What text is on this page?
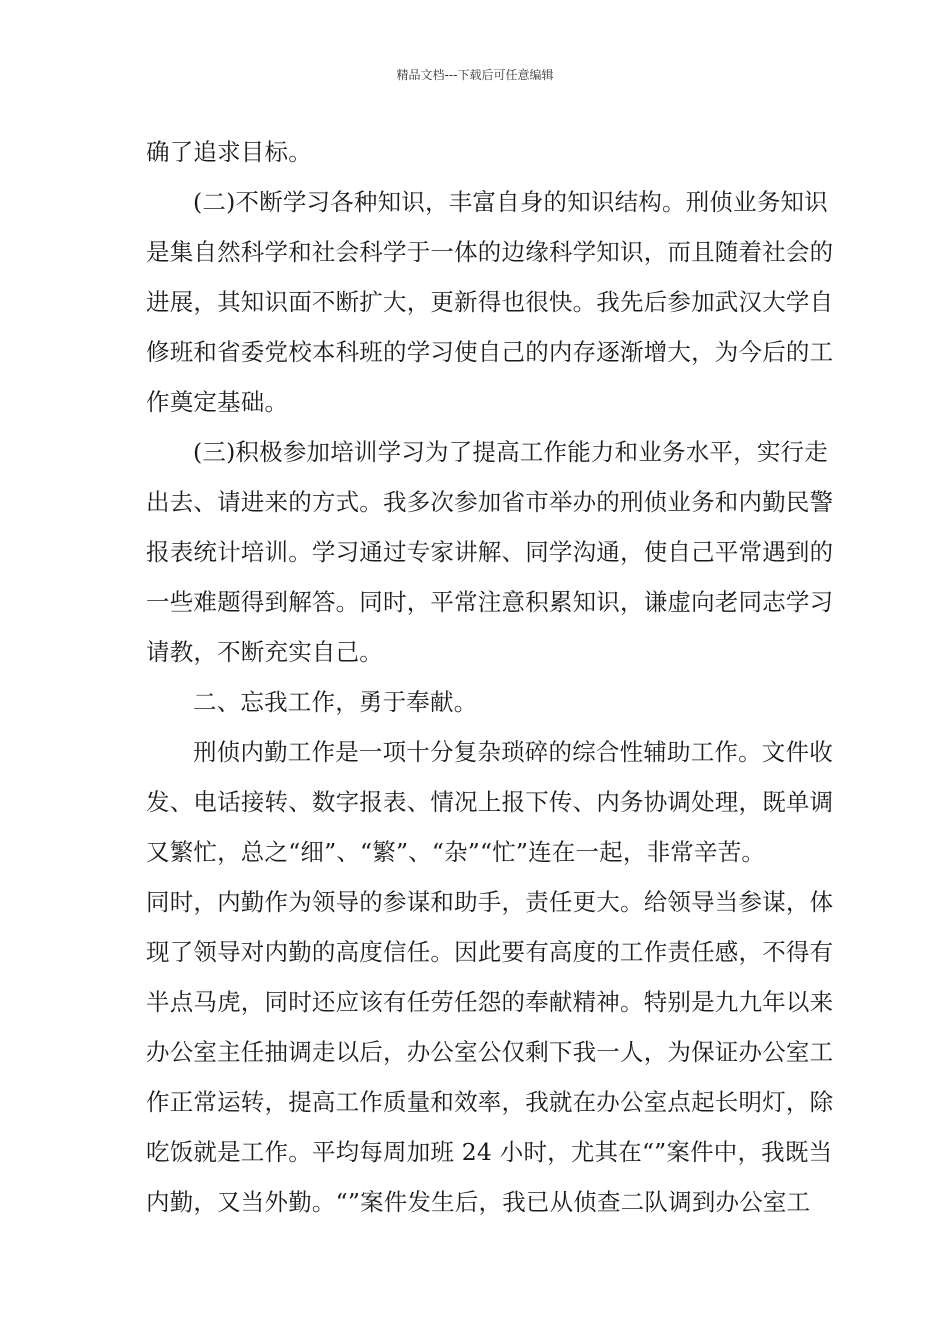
精品文档---下载后可任意编辑
确了追求目标。
(二)不断学习各种知识，丰富自身的知识结构。刑侦业务知识
是集自然科学和社会科学于一体的边缘科学知识，而且随着社会的
进展，其知识面不断扩大，更新得也很快。我先后参加武汉大学自
修班和省委党校本科班的学习使自己的内存逐渐增大，为今后的工
作奠定基础。
(三)积极参加培训学习为了提高工作能力和业务水平，实行走
出去、请进来的方式。我多次参加省市举办的刑侦业务和内勤民警
报表统计培训。学习通过专家讲解、同学沟通，使自己平常遇到的
一些难题得到解答。同时，平常注意积累知识，谦虚向老同志学习
请教，不断充实自己。
二、忘我工作，勇于奉献。
刑侦内勤工作是一项十分复杂琐碎的综合性辅助工作。文件收
发、电话接转、数字报表、情况上报下传、内务协调处理，既单调
又繁忙，总之“细”、“繁”、“杂”“忙”连在一起，非常辛苦。
同时，内勤作为领导的参谋和助手，责任更大。给领导当参谋，体
现了领导对内勤的高度信任。因此要有高度的工作责任感，不得有
半点马虎，同时还应该有任劳任怨的奉献精神。特别是九九年以来
办公室主任抽调走以后，办公室公仅剩下我一人，为保证办公室工
作正常运转，提高工作质量和效率，我就在办公室点起长明灯，除
吃饭就是工作。平均每周加班 24 小时，尤其在“”案件中，我既当
内勤，又当外勤。“”案件发生后，我已从侦查二队调到办公室工
